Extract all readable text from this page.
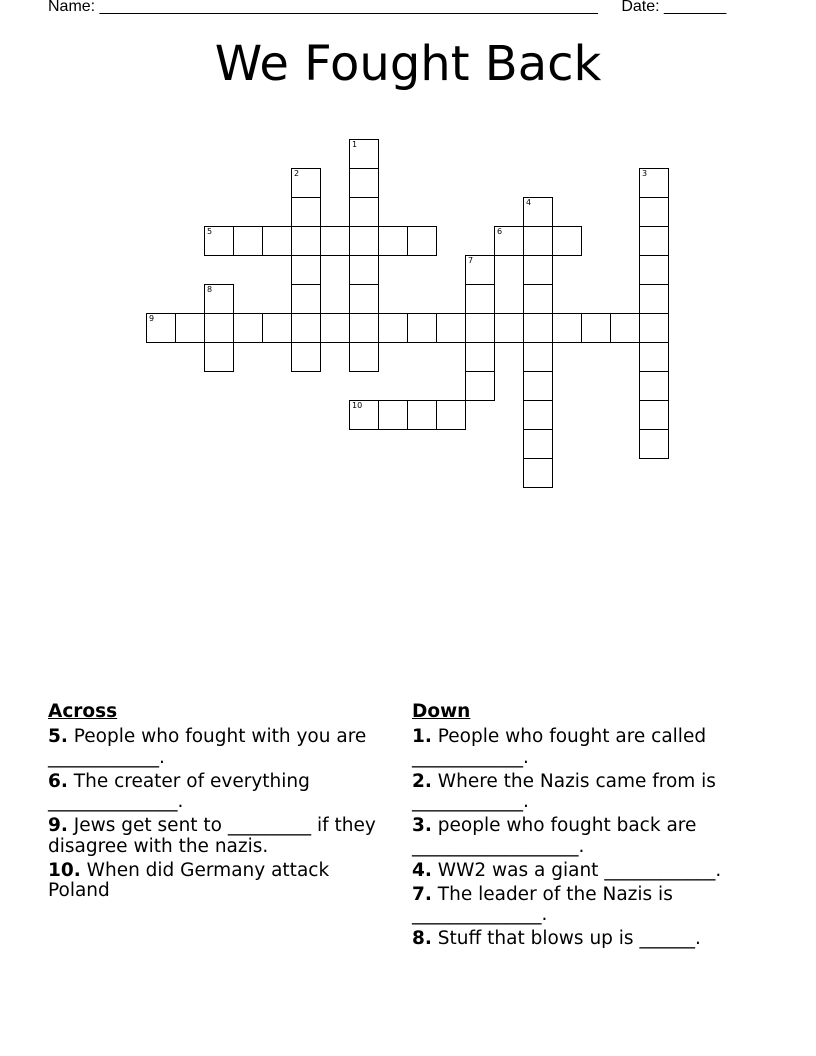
Name: ________________________________________________________ Date: _______
We Fought Back
1
2	3
4
5	6
7
8
9
10
Across
5. People who fought with you are ____________.
6. The creater of everything ______________.
9. Jews get sent to _________ if they disagree with the nazis.
10. When did Germany attack Poland
Down
1. People who fought are called ____________.
2. Where the Nazis came from is ____________.
3. people who fought back are __________________.
4. WW2 was a giant ____________.
7. The leader of the Nazis is ______________.
8. Stuff that blows up is ______.
